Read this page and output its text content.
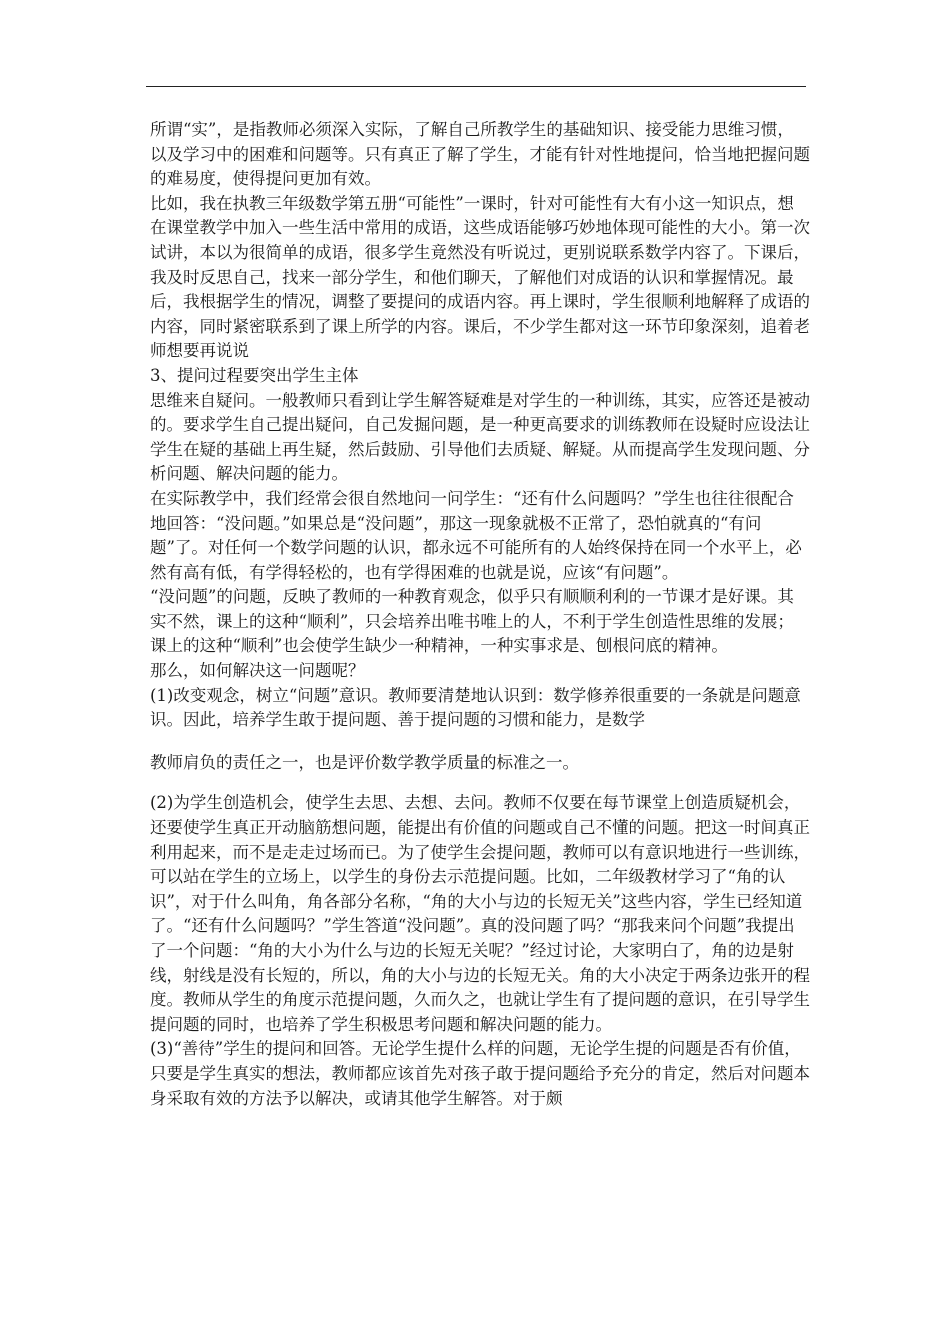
所谓“实”，是指教师必须深入实际，了解自己所教学生的基础知识、接受能力思维习惯，以及学习中的困难和问题等。只有真正了解了学生，才能有针对性地提问，恰当地把握问题的难易度，使得提问更加有效。

比如，我在执教三年级数学第五册“可能性”一课时，针对可能性有大有小这一知识点，想在课堂教学中加入一些生活中常用的成语，这些成语能够巧妙地体现可能性的大小。第一次试讲，本以为很简单的成语，很多学生竟然没有听说过，更别说联系数学内容了。下课后，我及时反思自己，找来一部分学生，和他们聊天，了解他们对成语的认识和掌握情况。最后，我根据学生的情况，调整了要提问的成语内容。再上课时，学生很顺利地解释了成语的内容，同时紧密联系到了课上所学的内容。课后，不少学生都对这一环节印象深刻，追着老师想要再说说

3、提问过程要突出学生主体

思维来自疑问。一般教师只看到让学生解答疑难是对学生的一种训练，其实，应答还是被动的。要求学生自己提出疑问，自己发掘问题，是一种更高要求的训练教师在设疑时应设法让学生在疑的基础上再生疑，然后鼓励、引导他们去质疑、解疑。从而提高学生发现问题、分析问题、解决问题的能力。

在实际教学中，我们经常会很自然地问一问学生：“还有什么问题吗？”学生也往往很配合地回答：“没问题。”如果总是“没问题”，那这一现象就极不正常了，恐怕就真的“有问题”了。对任何一个数学问题的认识，都永远不可能所有的人始终保持在同一个水平上，必然有高有低，有学得轻松的，也有学得困难的也就是说，应该“有问题”。

“没问题”的问题，反映了教师的一种教育观念，似乎只有顺顺利利的一节课才是好课。其实不然，课上的这种“顺利”，只会培养出唯书唯上的人，不利于学生创造性思维的发展；课上的这种“顺利”也会使学生缺少一种精神，一种实事求是、刨根问底的精神。

那么，如何解决这一问题呢？

(1)改变观念，树立“问题”意识。教师要清楚地认识到：数学修养很重要的一条就是问题意识。因此，培养学生敢于提问题、善于提问题的习惯和能力，是数学

教师肩负的责任之一，也是评价数学教学质量的标准之一。

(2)为学生创造机会，使学生去思、去想、去问。教师不仅要在每节课堂上创造质疑机会，还要使学生真正开动脑筋想问题，能提出有价值的问题或自己不懂的问题。把这一时间真正利用起来，而不是走走过场而已。为了使学生会提问题，教师可以有意识地进行一些训练，可以站在学生的立场上，以学生的身份去示范提问题。比如，二年级教材学习了“角的认识”，对于什么叫角，角各部分名称，“角的大小与边的长短无关”这些内容，学生已经知道了。“还有什么问题吗？”学生答道“没问题”。真的没问题了吗？“那我来问个问题”我提出了一个问题：“角的大小为什么与边的长短无关呢？”经过讨论，大家明白了，角的边是射线，射线是没有长短的，所以，角的大小与边的长短无关。角的大小决定于两条边张开的程度。教师从学生的角度示范提问题，久而久之，也就让学生有了提问题的意识，在引导学生提问题的同时，也培养了学生积极思考问题和解决问题的能力。

(3)“善待”学生的提问和回答。无论学生提什么样的问题，无论学生提的问题是否有价值，只要是学生真实的想法，教师都应该首先对孩子敢于提问题给予充分的肯定，然后对问题本身采取有效的方法予以解决，或请其他学生解答。对于颇
